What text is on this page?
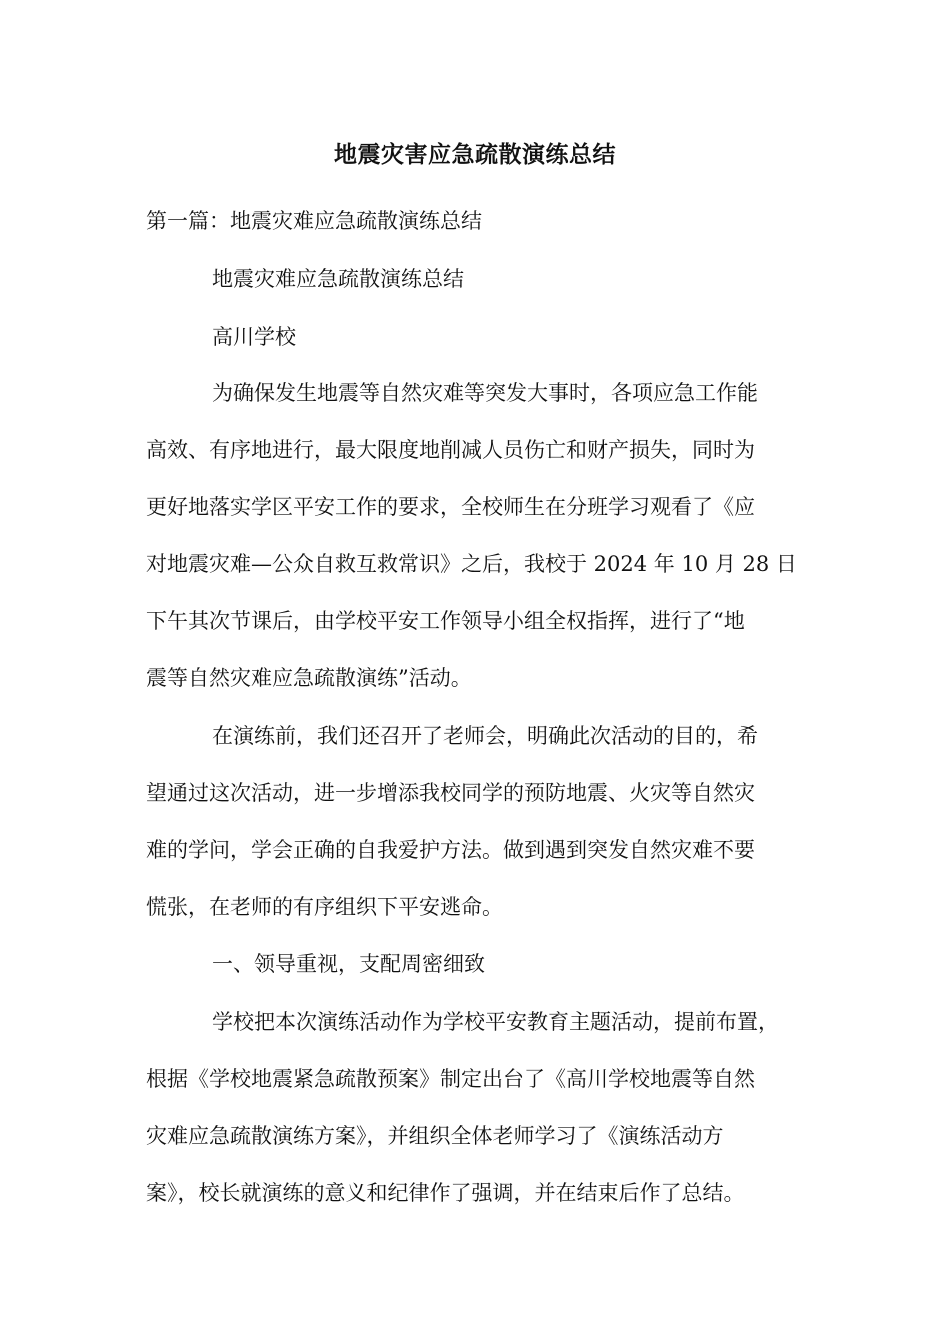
地震灾害应急疏散演练总结

第一篇：地震灾难应急疏散演练总结

地震灾难应急疏散演练总结

高川学校

为确保发生地震等自然灾难等突发大事时，各项应急工作能

高效、有序地进行，最大限度地削减人员伤亡和财产损失，同时为

更好地落实学区平安工作的要求，全校师生在分班学习观看了《应

对地震灾难—公众自救互救常识》之后，我校于 2024 年 10 月 28 日

下午其次节课后，由学校平安工作领导小组全权指挥，进行了“地

震等自然灾难应急疏散演练”活动。

在演练前，我们还召开了老师会，明确此次活动的目的，希

望通过这次活动，进一步增添我校同学的预防地震、火灾等自然灾

难的学问，学会正确的自我爱护方法。做到遇到突发自然灾难不要

慌张，在老师的有序组织下平安逃命。

一、领导重视，支配周密细致

学校把本次演练活动作为学校平安教育主题活动，提前布置，

根据《学校地震紧急疏散预案》制定出台了《高川学校地震等自然

灾难应急疏散演练方案》，并组织全体老师学习了《演练活动方

案》，校长就演练的意义和纪律作了强调，并在结束后作了总结。
